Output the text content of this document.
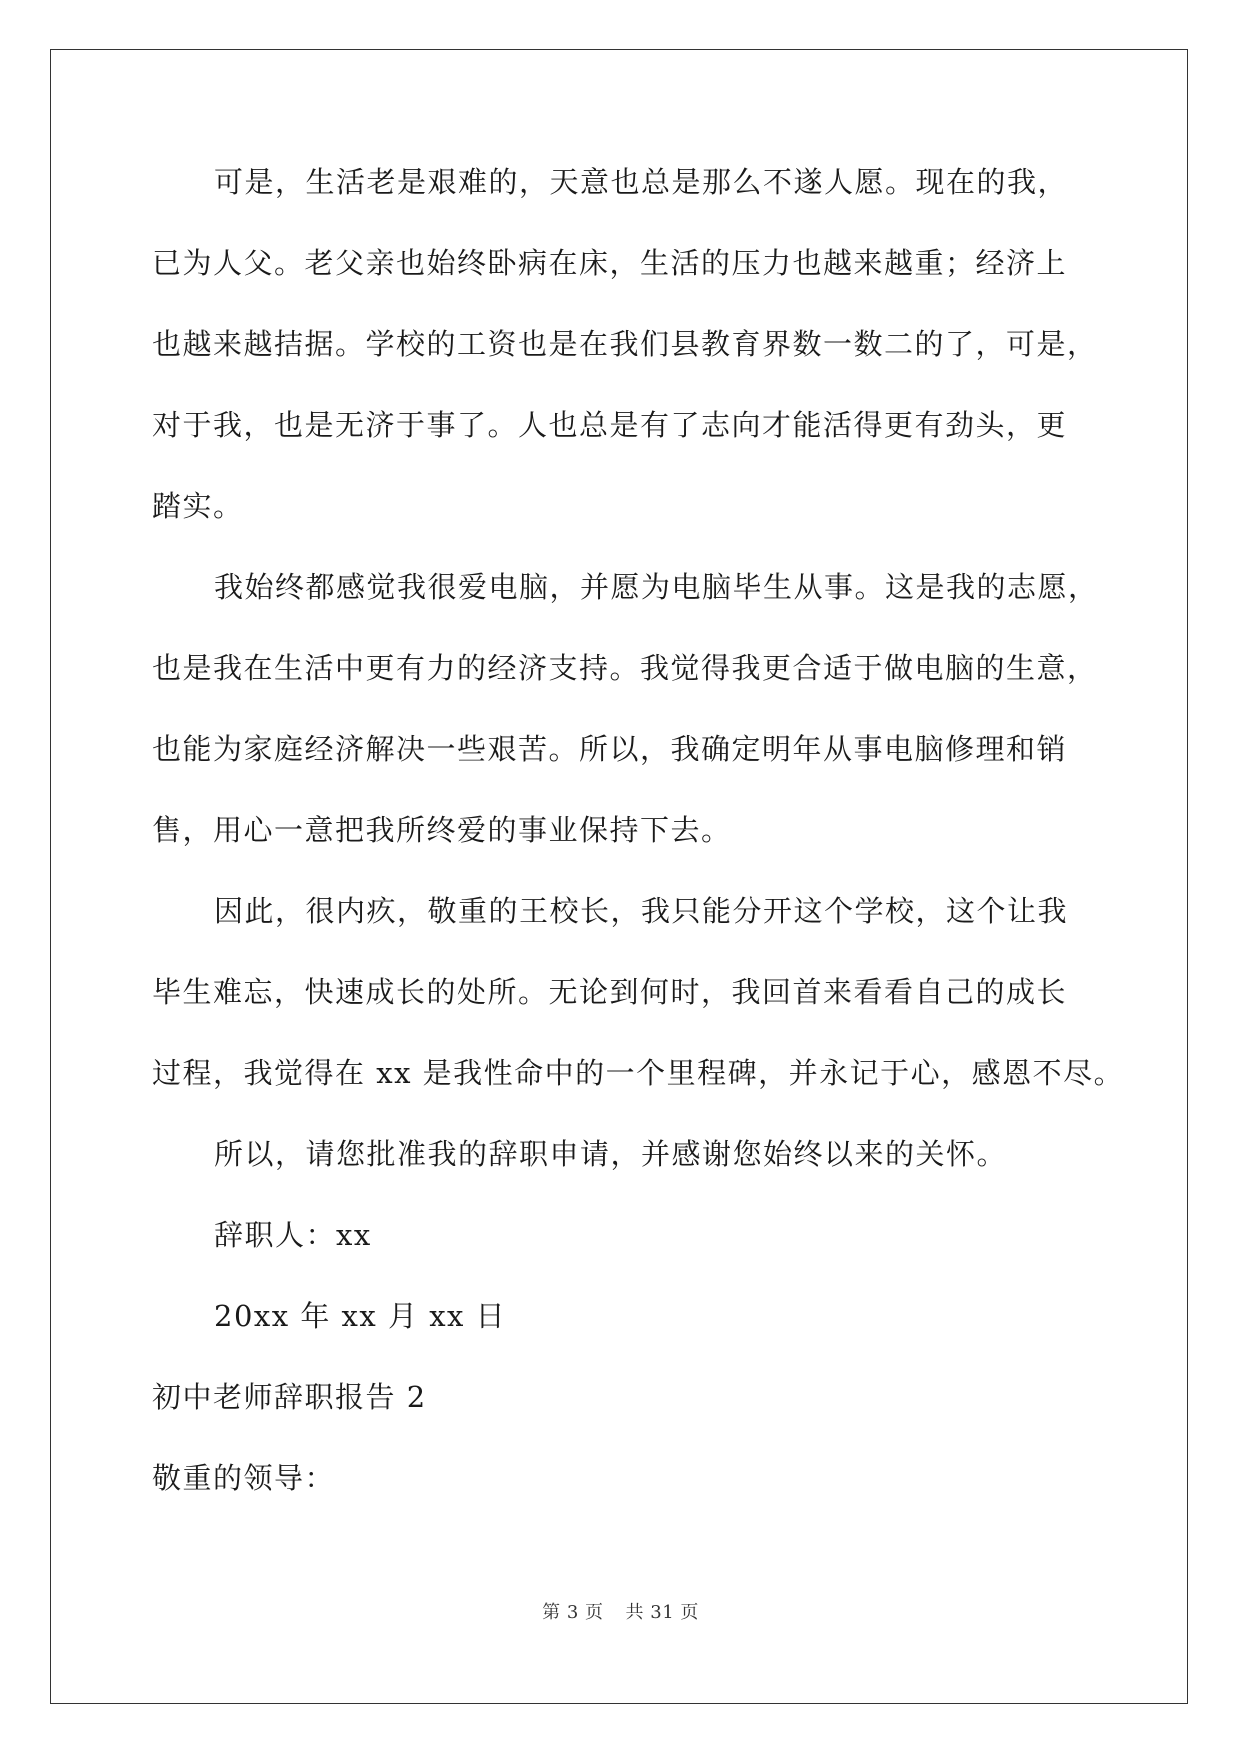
可是，生活老是艰难的，天意也总是那么不遂人愿。现在的我，
已为人父。老父亲也始终卧病在床，生活的压力也越来越重；经济上
也越来越拮据。学校的工资也是在我们县教育界数一数二的了，可是，
对于我，也是无济于事了。人也总是有了志向才能活得更有劲头，更
踏实。
我始终都感觉我很爱电脑，并愿为电脑毕生从事。这是我的志愿，
也是我在生活中更有力的经济支持。我觉得我更合适于做电脑的生意，
也能为家庭经济解决一些艰苦。所以，我确定明年从事电脑修理和销
售，用心一意把我所终爱的事业保持下去。
因此，很内疚，敬重的王校长，我只能分开这个学校，这个让我
毕生难忘，快速成长的处所。无论到何时，我回首来看看自己的成长
过程，我觉得在 xx 是我性命中的一个里程碑，并永记于心，感恩不尽。

所以，请您批准我的辞职申请，并感谢您始终以来的关怀。

辞职人：xx

20xx 年 xx 月 xx 日

初中老师辞职报告 2

敬重的领导：

第 3 页 共 31 页
